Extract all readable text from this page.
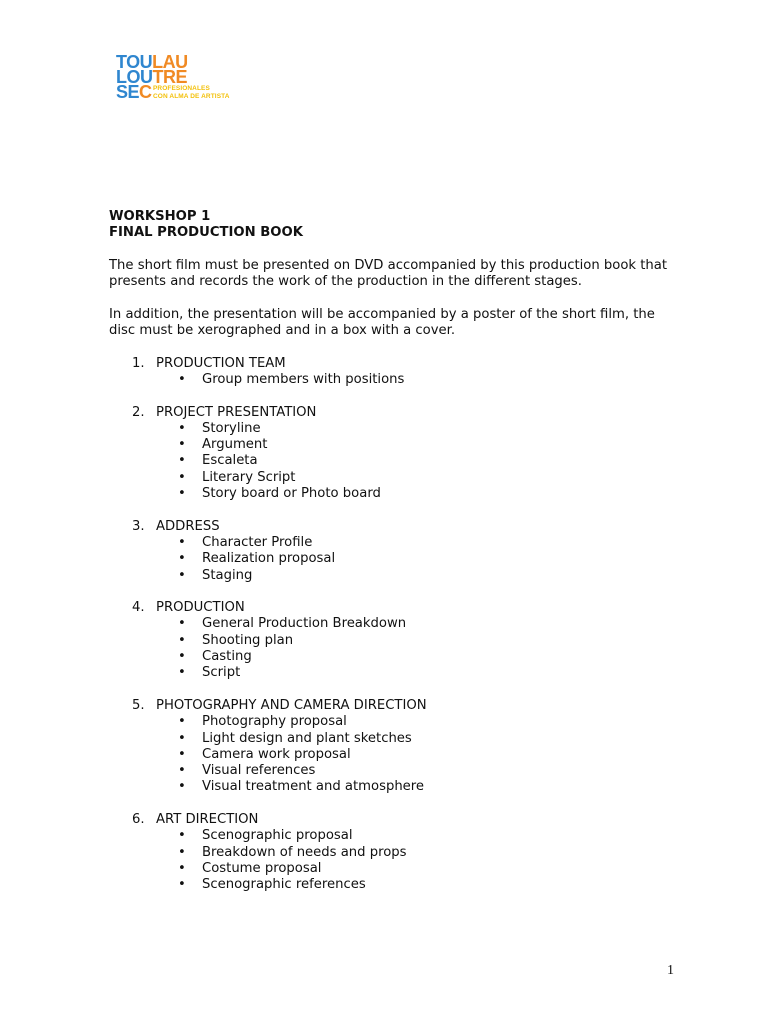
TOULAU
LOUTRE
SEC PROFESIONALES
CON ALMA DE ARTISTA
WORKSHOP 1
FINAL PRODUCTION BOOK

The short film must be presented on DVD accompanied by this production book that presents and records the work of the production in the different stages.

In addition, the presentation will be accompanied by a poster of the short film, the disc must be xerographed and in a box with a cover.

1. PRODUCTION TEAM
• Group members with positions
2. PROJECT PRESENTATION
• Storyline
• Argument
• Escaleta
• Literary Script
• Story board or Photo board
3. ADDRESS
• Character Profile
• Realization proposal
• Staging
4. PRODUCTION
• General Production Breakdown
• Shooting plan
• Casting
• Script
5. PHOTOGRAPHY AND CAMERA DIRECTION
• Photography proposal
• Light design and plant sketches
• Camera work proposal
• Visual references
• Visual treatment and atmosphere
6. ART DIRECTION
• Scenographic proposal
• Breakdown of needs and props
• Costume proposal
• Scenographic references
1
